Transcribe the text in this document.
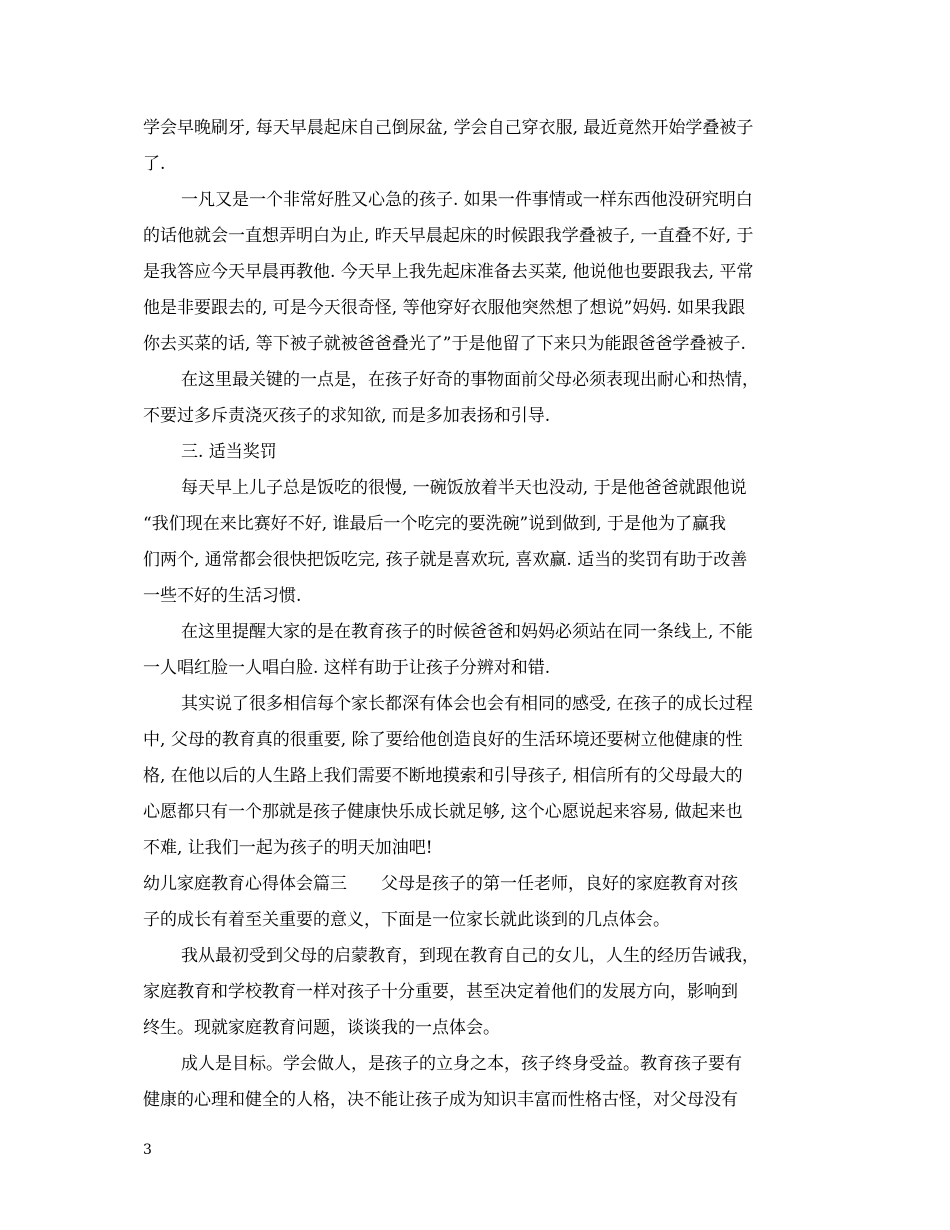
学会早晚刷牙, 每天早晨起床自己倒尿盆, 学会自己穿衣服, 最近竟然开始学叠被子
了.
一凡又是一个非常好胜又心急的孩子. 如果一件事情或一样东西他没研究明白
的话他就会一直想弄明白为止, 昨天早晨起床的时候跟我学叠被子, 一直叠不好, 于
是我答应今天早晨再教他. 今天早上我先起床准备去买菜, 他说他也要跟我去, 平常
他是非要跟去的, 可是今天很奇怪, 等他穿好衣服他突然想了想说”妈妈. 如果我跟
你去买菜的话, 等下被子就被爸爸叠光了”于是他留了下来只为能跟爸爸学叠被子.
在这里最关键的一点是，在孩子好奇的事物面前父母必须表现出耐心和热情，
不要过多斥责浇灭孩子的求知欲, 而是多加表扬和引导.
三. 适当奖罚
每天早上儿子总是饭吃的很慢, 一碗饭放着半天也没动, 于是他爸爸就跟他说
“我们现在来比赛好不好, 谁最后一个吃完的要洗碗”说到做到, 于是他为了赢我
们两个, 通常都会很快把饭吃完, 孩子就是喜欢玩, 喜欢赢. 适当的奖罚有助于改善
一些不好的生活习惯.
在这里提醒大家的是在教育孩子的时候爸爸和妈妈必须站在同一条线上, 不能
一人唱红脸一人唱白脸. 这样有助于让孩子分辨对和错.
其实说了很多相信每个家长都深有体会也会有相同的感受, 在孩子的成长过程
中, 父母的教育真的很重要, 除了要给他创造良好的生活环境还要树立他健康的性
格, 在他以后的人生路上我们需要不断地摸索和引导孩子, 相信所有的父母最大的
心愿都只有一个那就是孩子健康快乐成长就足够, 这个心愿说起来容易, 做起来也
不难, 让我们一起为孩子的明天加油吧!
幼儿家庭教育心得体会篇三　　父母是孩子的第一任老师，良好的家庭教育对孩
子的成长有着至关重要的意义，下面是一位家长就此谈到的几点体会。
我从最初受到父母的启蒙教育，到现在教育自己的女儿，人生的经历告诫我，
家庭教育和学校教育一样对孩子十分重要，甚至决定着他们的发展方向，影响到
终生。现就家庭教育问题，谈谈我的一点体会。
成人是目标。学会做人，是孩子的立身之本，孩子终身受益。教育孩子要有
健康的心理和健全的人格，决不能让孩子成为知识丰富而性格古怪，对父母没有
3
